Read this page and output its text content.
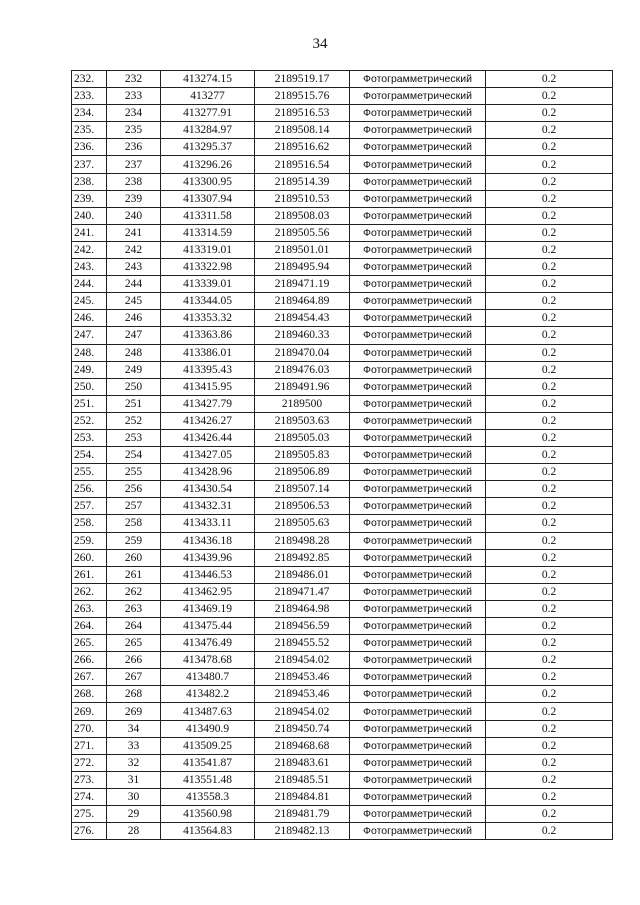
34
232.	232	413274.15	2189519.17	Фотограмметрический	0.2
233.	233	413277	2189515.76	Фотограмметрический	0.2
234.	234	413277.91	2189516.53	Фотограмметрический	0.2
235.	235	413284.97	2189508.14	Фотограмметрический	0.2
236.	236	413295.37	2189516.62	Фотограмметрический	0.2
237.	237	413296.26	2189516.54	Фотограмметрический	0.2
238.	238	413300.95	2189514.39	Фотограмметрический	0.2
239.	239	413307.94	2189510.53	Фотограмметрический	0.2
240.	240	413311.58	2189508.03	Фотограмметрический	0.2
241.	241	413314.59	2189505.56	Фотограмметрический	0.2
242.	242	413319.01	2189501.01	Фотограмметрический	0.2
243.	243	413322.98	2189495.94	Фотограмметрический	0.2
244.	244	413339.01	2189471.19	Фотограмметрический	0.2
245.	245	413344.05	2189464.89	Фотограмметрический	0.2
246.	246	413353.32	2189454.43	Фотограмметрический	0.2
247.	247	413363.86	2189460.33	Фотограмметрический	0.2
248.	248	413386.01	2189470.04	Фотограмметрический	0.2
249.	249	413395.43	2189476.03	Фотограмметрический	0.2
250.	250	413415.95	2189491.96	Фотограмметрический	0.2
251.	251	413427.79	2189500	Фотограмметрический	0.2
252.	252	413426.27	2189503.63	Фотограмметрический	0.2
253.	253	413426.44	2189505.03	Фотограмметрический	0.2
254.	254	413427.05	2189505.83	Фотограмметрический	0.2
255.	255	413428.96	2189506.89	Фотограмметрический	0.2
256.	256	413430.54	2189507.14	Фотограмметрический	0.2
257.	257	413432.31	2189506.53	Фотограмметрический	0.2
258.	258	413433.11	2189505.63	Фотограмметрический	0.2
259.	259	413436.18	2189498.28	Фотограмметрический	0.2
260.	260	413439.96	2189492.85	Фотограмметрический	0.2
261.	261	413446.53	2189486.01	Фотограмметрический	0.2
262.	262	413462.95	2189471.47	Фотограмметрический	0.2
263.	263	413469.19	2189464.98	Фотограмметрический	0.2
264.	264	413475.44	2189456.59	Фотограмметрический	0.2
265.	265	413476.49	2189455.52	Фотограмметрический	0.2
266.	266	413478.68	2189454.02	Фотограмметрический	0.2
267.	267	413480.7	2189453.46	Фотограмметрический	0.2
268.	268	413482.2	2189453.46	Фотограмметрический	0.2
269.	269	413487.63	2189454.02	Фотограмметрический	0.2
270.	34	413490.9	2189450.74	Фотограмметрический	0.2
271.	33	413509.25	2189468.68	Фотограмметрический	0.2
272.	32	413541.87	2189483.61	Фотограмметрический	0.2
273.	31	413551.48	2189485.51	Фотограмметрический	0.2
274.	30	413558.3	2189484.81	Фотограмметрический	0.2
275.	29	413560.98	2189481.79	Фотограмметрический	0.2
276.	28	413564.83	2189482.13	Фотограмметрический	0.2
